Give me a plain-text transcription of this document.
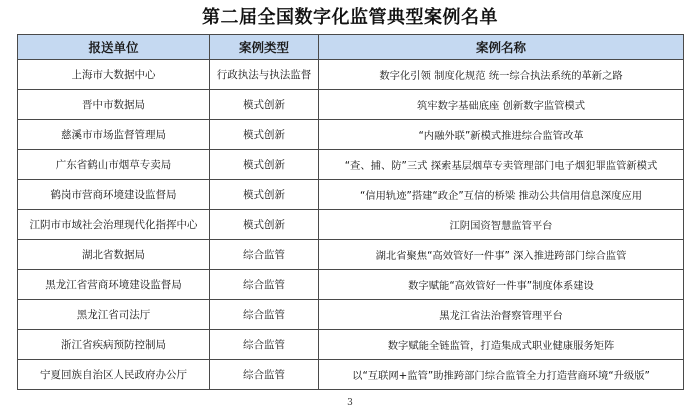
第二届全国数字化监管典型案例名单
报送单位	案例类型	案例名称
上海市大数据中心	行政执法与执法监督	数字化引领 制度化规范 统一综合执法系统的革新之路
晋中市数据局	模式创新	筑牢数字基础底座 创新数字监管模式
慈溪市市场监督管理局	模式创新	“内融外联”新模式推进综合监管改革
广东省鹤山市烟草专卖局	模式创新	“查、捕、防”三式 探索基层烟草专卖管理部门电子烟犯罪监管新模式
鹤岗市营商环境建设监督局	模式创新	“信用轨迹”搭建“政企”互信的桥梁 推动公共信用信息深度应用
江阴市市域社会治理现代化指挥中心	模式创新	江阴国资智慧监管平台
湖北省数据局	综合监管	湖北省聚焦“高效管好一件事” 深入推进跨部门综合监管
黑龙江省营商环境建设监督局	综合监管	数字赋能“高效管好一件事”制度体系建设
黑龙江省司法厅	综合监管	黑龙江省法治督察管理平台
浙江省疾病预防控制局	综合监管	数字赋能全链监管，打造集成式职业健康服务矩阵
宁夏回族自治区人民政府办公厅	综合监管	以“互联网+监管”助推跨部门综合监管全力打造营商环境“升级版”
3
